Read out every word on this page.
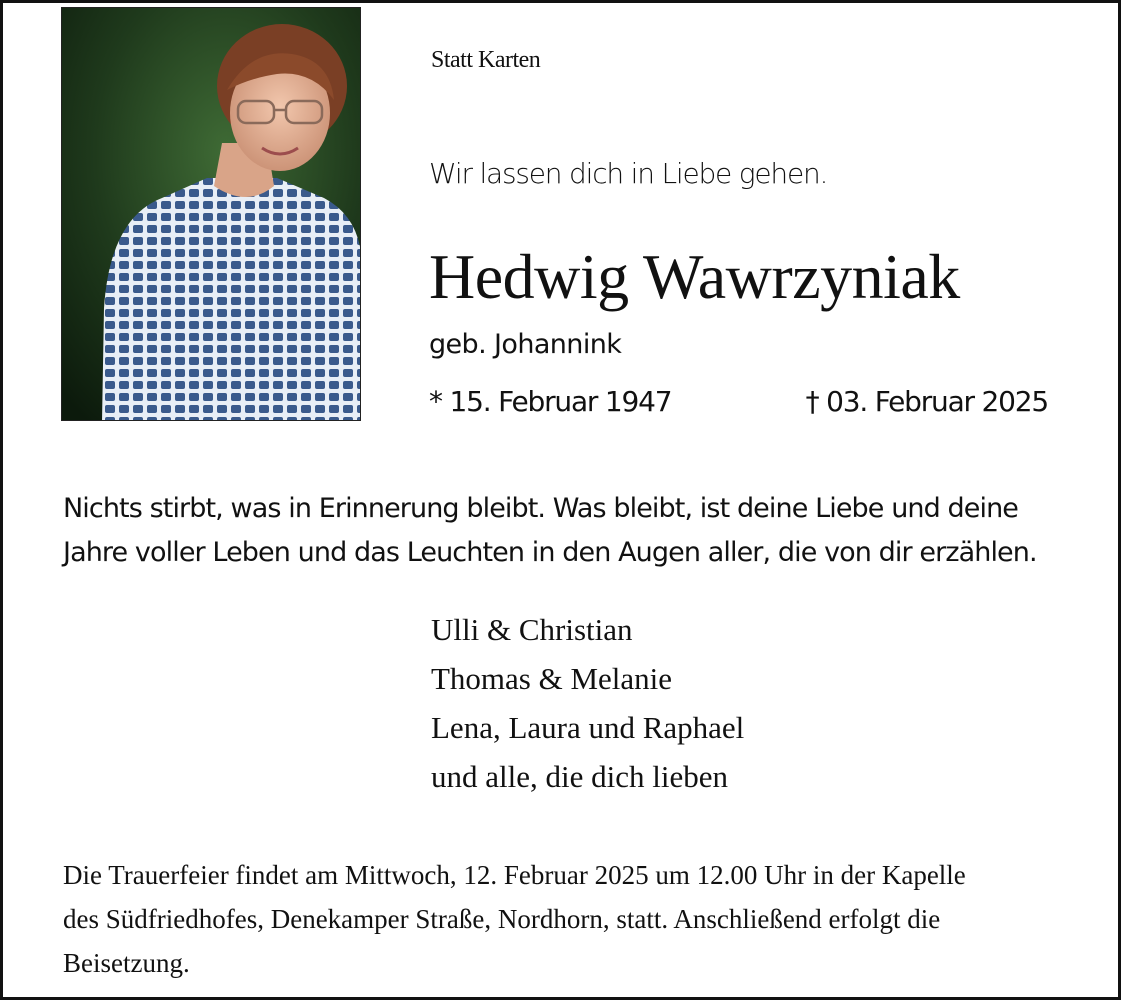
Statt Karten
Wir lassen dich in Liebe gehen.
Hedwig Wawrzyniak
geb. Johannink
* 15. Februar 1947	† 03. Februar 2025
Nichts stirbt, was in Erinnerung bleibt. Was bleibt, ist deine Liebe und deine
Jahre voller Leben und das Leuchten in den Augen aller, die von dir erzählen.
Ulli & Christian
Thomas & Melanie
Lena, Laura und Raphael
und alle, die dich lieben
Die Trauerfeier findet am Mittwoch, 12. Februar 2025 um 12.00 Uhr in der Kapelle
des Südfriedhofes, Denekamper Straße, Nordhorn, statt. Anschließend erfolgt die
Beisetzung.
